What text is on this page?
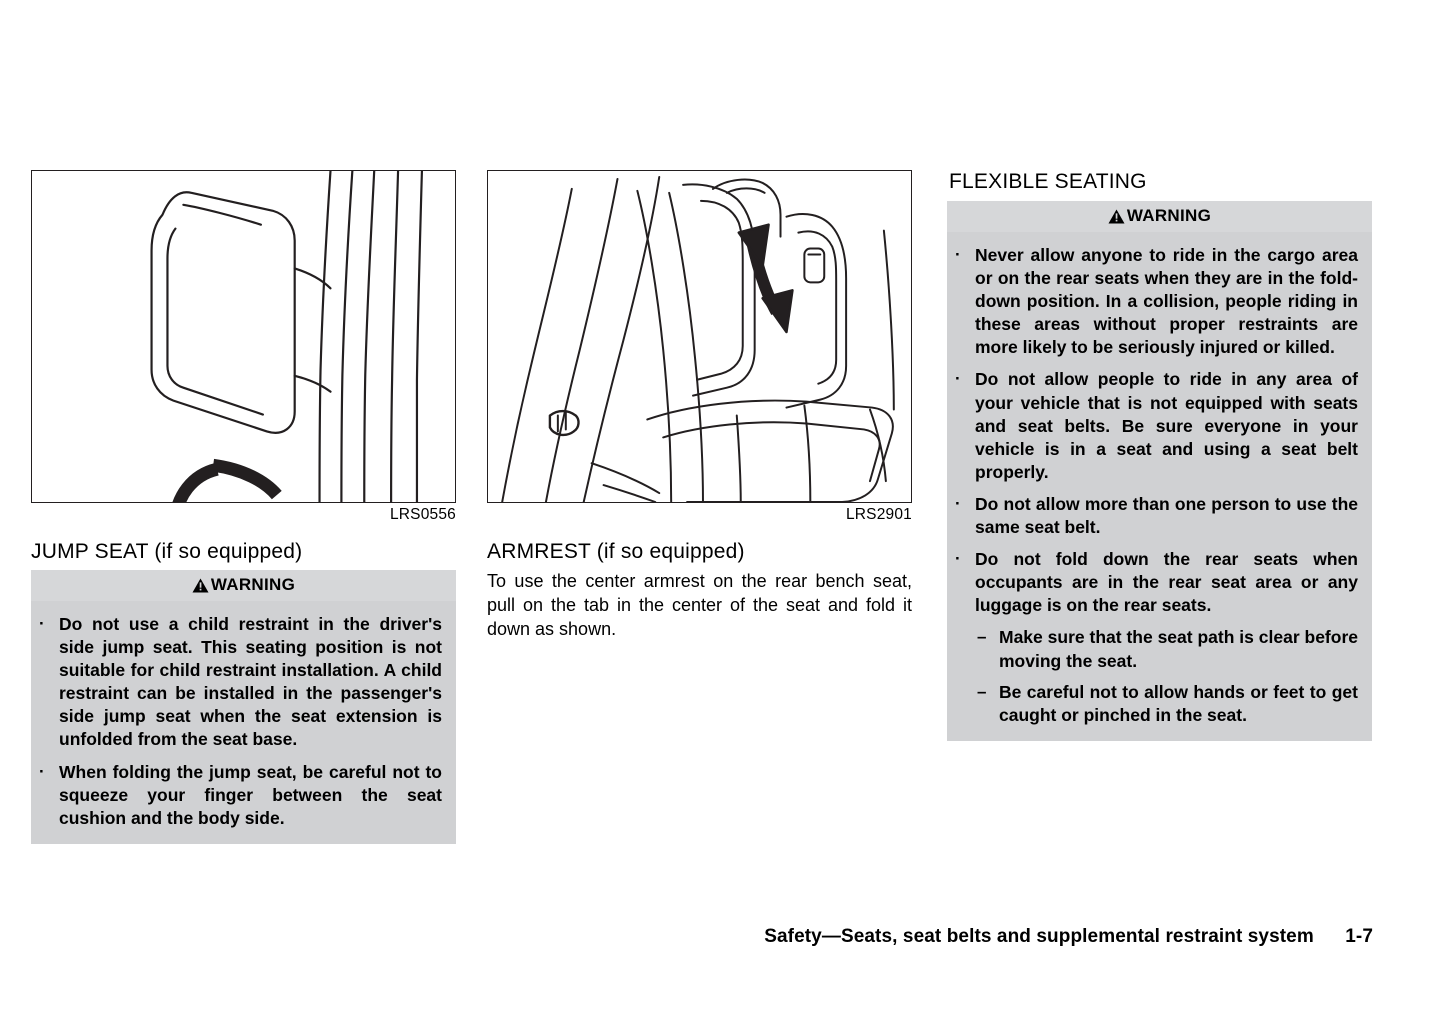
LRS0556
JUMP SEAT (if so equipped)
WARNING
· Do not use a child restraint in the driver's side jump seat. This seating position is not suitable for child restraint installation. A child restraint can be installed in the passenger's side jump seat when the seat extension is unfolded from the seat base.
· When folding the jump seat, be careful not to squeeze your finger between the seat cushion and the body side.
LRS2901
ARMREST (if so equipped)

To use the center armrest on the rear bench seat, pull on the tab in the center of the seat and fold it down as shown.

FLEXIBLE SEATING
WARNING
· Never allow anyone to ride in the cargo area or on the rear seats when they are in the fold-down position. In a collision, people riding in these areas without proper restraints are more likely to be seriously injured or killed.
· Do not allow people to ride in any area of your vehicle that is not equipped with seats and seat belts. Be sure everyone in your vehicle is in a seat and using a seat belt properly.
· Do not allow more than one person to use the same seat belt.
· Do not fold down the rear seats when occupants are in the rear seat area or any luggage is on the rear seats.
– Make sure that the seat path is clear before moving the seat.
– Be careful not to allow hands or feet to get caught or pinched in the seat.
Safety—Seats, seat belts and supplemental restraint system 1-7
